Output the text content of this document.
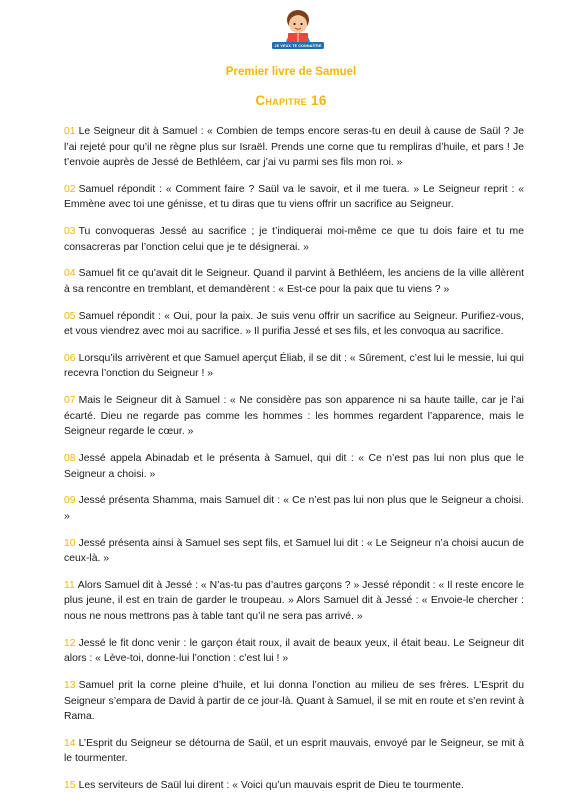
JE VEUX TE CONNAÎTRE
Premier livre de Samuel
Chapitre 16

01 Le Seigneur dit à Samuel : « Combien de temps encore seras-tu en deuil à cause de Saül ? Je l’ai rejeté pour qu’il ne règne plus sur Israël. Prends une corne que tu rempliras d’huile, et pars ! Je t’envoie auprès de Jessé de Bethléem, car j’ai vu parmi ses fils mon roi. »

02 Samuel répondit : « Comment faire ? Saül va le savoir, et il me tuera. » Le Seigneur reprit : « Emmène avec toi une génisse, et tu diras que tu viens offrir un sacrifice au Seigneur.

03 Tu convoqueras Jessé au sacrifice ; je t’indiquerai moi-même ce que tu dois faire et tu me consacreras par l’onction celui que je te désignerai. »

04 Samuel fit ce qu’avait dit le Seigneur. Quand il parvint à Bethléem, les anciens de la ville allèrent à sa rencontre en tremblant, et demandèrent : « Est-ce pour la paix que tu viens ? »

05 Samuel répondit : « Oui, pour la paix. Je suis venu offrir un sacrifice au Seigneur. Purifiez-vous, et vous viendrez avec moi au sacrifice. » Il purifia Jessé et ses fils, et les convoqua au sacrifice.

06 Lorsqu’ils arrivèrent et que Samuel aperçut Éliab, il se dit : « Sûrement, c’est lui le messie, lui qui recevra l’onction du Seigneur ! »

07 Mais le Seigneur dit à Samuel : « Ne considère pas son apparence ni sa haute taille, car je l’ai écarté. Dieu ne regarde pas comme les hommes : les hommes regardent l’apparence, mais le Seigneur regarde le cœur. »

08 Jessé appela Abinadab et le présenta à Samuel, qui dit : « Ce n’est pas lui non plus que le Seigneur a choisi. »

09 Jessé présenta Shamma, mais Samuel dit : « Ce n’est pas lui non plus que le Seigneur a choisi. »

10 Jessé présenta ainsi à Samuel ses sept fils, et Samuel lui dit : « Le Seigneur n’a choisi aucun de ceux-là. »

11 Alors Samuel dit à Jessé : « N’as-tu pas d’autres garçons ? » Jessé répondit : « Il reste encore le plus jeune, il est en train de garder le troupeau. » Alors Samuel dit à Jessé : « Envoie-le chercher : nous ne nous mettrons pas à table tant qu’il ne sera pas arrivé. »

12 Jessé le fit donc venir : le garçon était roux, il avait de beaux yeux, il était beau. Le Seigneur dit alors : « Lève-toi, donne-lui l’onction : c’est lui ! »

13 Samuel prit la corne pleine d’huile, et lui donna l’onction au milieu de ses frères. L’Esprit du Seigneur s’empara de David à partir de ce jour-là. Quant à Samuel, il se mit en route et s’en revint à Rama.

14 L’Esprit du Seigneur se détourna de Saül, et un esprit mauvais, envoyé par le Seigneur, se mit à le tourmenter.

15 Les serviteurs de Saül lui dirent : « Voici qu’un mauvais esprit de Dieu te tourmente.
